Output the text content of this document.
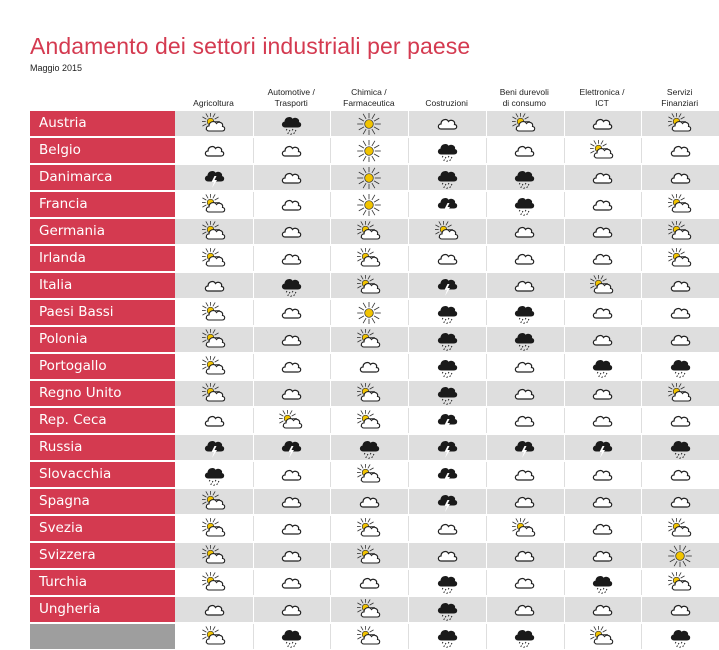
Andamento dei settori industriali per paese
Maggio 2015
Agricoltura
Automotive /
Trasporti
Chimica /
Farmaceutica	Costruzioni
Beni durevoli
di consumo
Elettronica /
ICT
Servizi
Finanziari
Austria
Belgio
Danimarca
Francia
Germania
Irlanda
Italia
Paesi Bassi
Polonia
Portogallo
Regno Unito
Rep. Ceca
Russia
Slovacchia
Spagna
Svezia
Svizzera
Turchia
Ungheria
